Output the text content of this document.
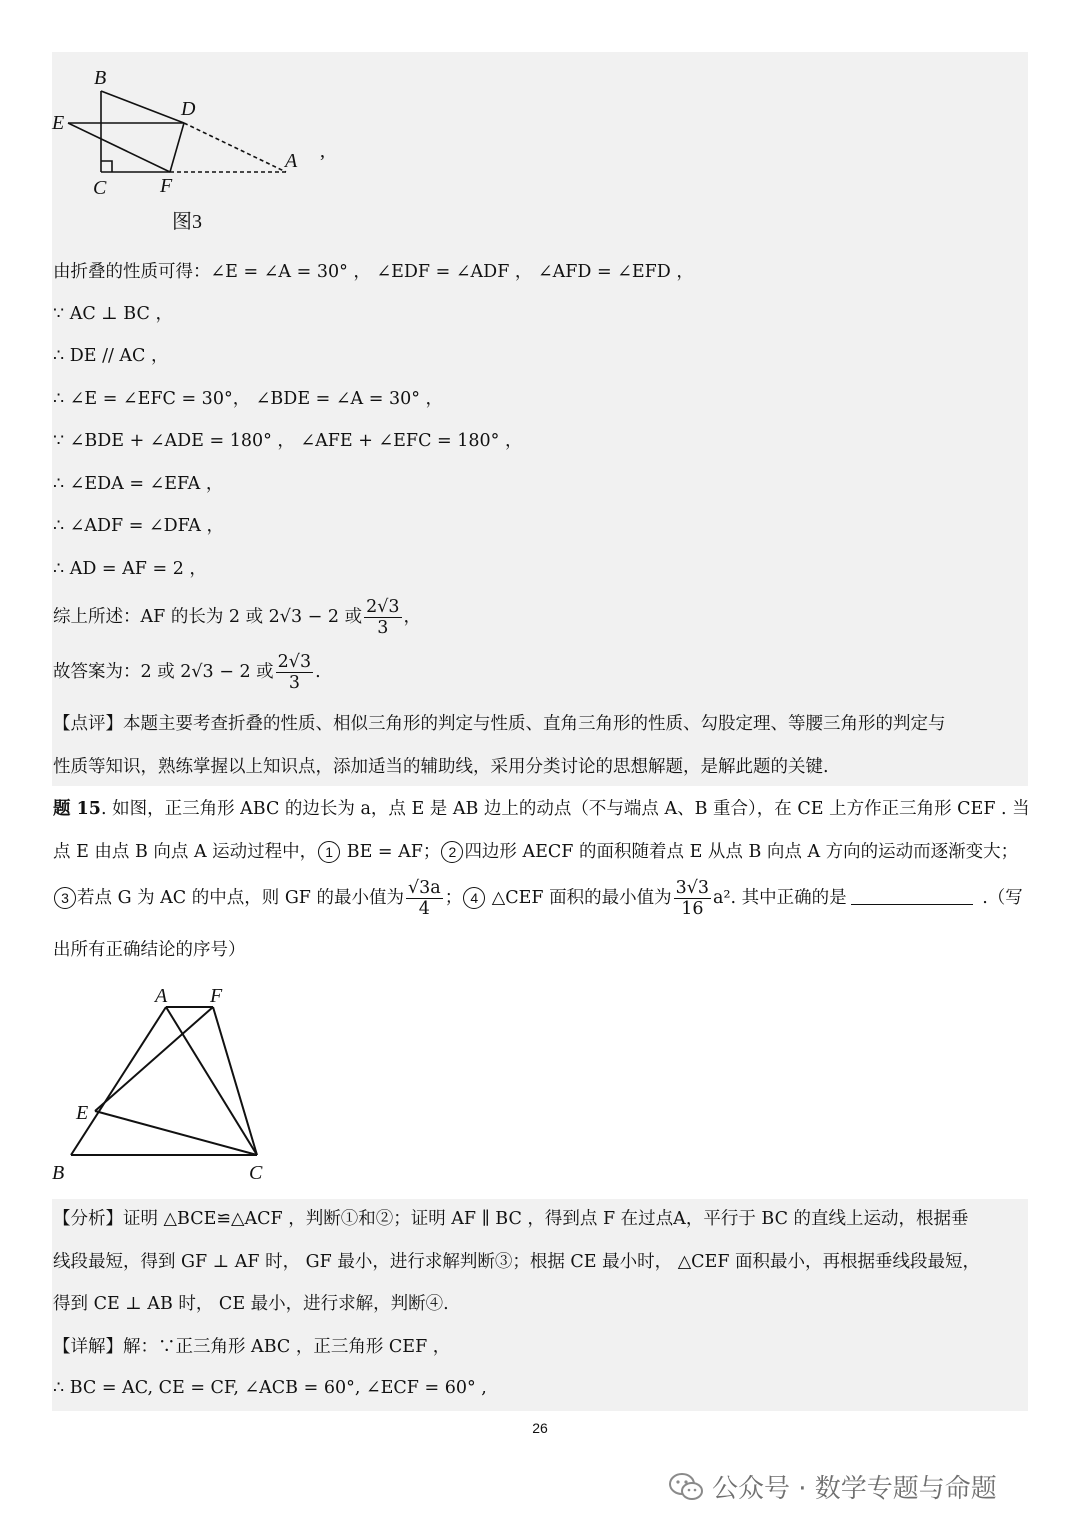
B
D
E
A
C	F
,
图3
由折叠的性质可得：∠E = ∠A = 30° ， ∠EDF = ∠ADF ， ∠AFD = ∠EFD ，
∵ AC ⊥ BC ，
∴ DE // AC ，
∴ ∠E = ∠EFC = 30°， ∠BDE = ∠A = 30° ，
∵ ∠BDE + ∠ADE = 180° ， ∠AFE + ∠EFC = 180° ，
∴ ∠EDA = ∠EFA ，
∴ ∠ADF = ∠DFA ，
∴ AD = AF = 2 ，
综上所述：AF 的长为 2 或 2√3 − 2 或 $\frac{2√3}{3}$ ，
故答案为：2 或 2√3 − 2 或 $\frac{2√3}{3}$ .
【点评】本题主要考查折叠的性质、相似三角形的判定与性质、直角三角形的性质、勾股定理、等腰三角形的判定与
性质等知识，熟练掌握以上知识点，添加适当的辅助线，采用分类讨论的思想解题，是解此题的关键.
题 15. 如图，正三角形 ABC 的边长为 a，点 E 是 AB 边上的动点（不与端点 A、B 重合），在 CE 上方作正三角形 CEF . 当
点 E 由点 B 向点 A 运动过程中， 1 BE = AF； 2 四边形 AECF 的面积随着点 E 从点 B 向点 A 方向的运动而逐渐变大；
3 若点 G 为 AC 的中点，则 GF 的最小值为 $\frac{√3a}{4}$ ； 4 △CEF 面积的最小值为 $\frac{3√3}{16} a^2$. 其中正确的是	.（写
出所有正确结论的序号）
A F
E
B	C
【分析】证明 △BCE≌△ACF ，判断①和②；证明 AF ∥ BC ，得到点 F 在过点A，平行于 BC 的直线上运动，根据垂
线段最短，得到 GF ⊥ AF 时， GF 最小，进行求解判断③；根据 CE 最小时， △CEF 面积最小，再根据垂线段最短，
得到 CE ⊥ AB 时， CE 最小，进行求解，判断④.
【详解】解：∵正三角形 ABC ，正三角形 CEF ，
∴ BC = AC, CE = CF, ∠ACB = 60°, ∠ECF = 60° ,
26
公众号 · 数学专题与命题
